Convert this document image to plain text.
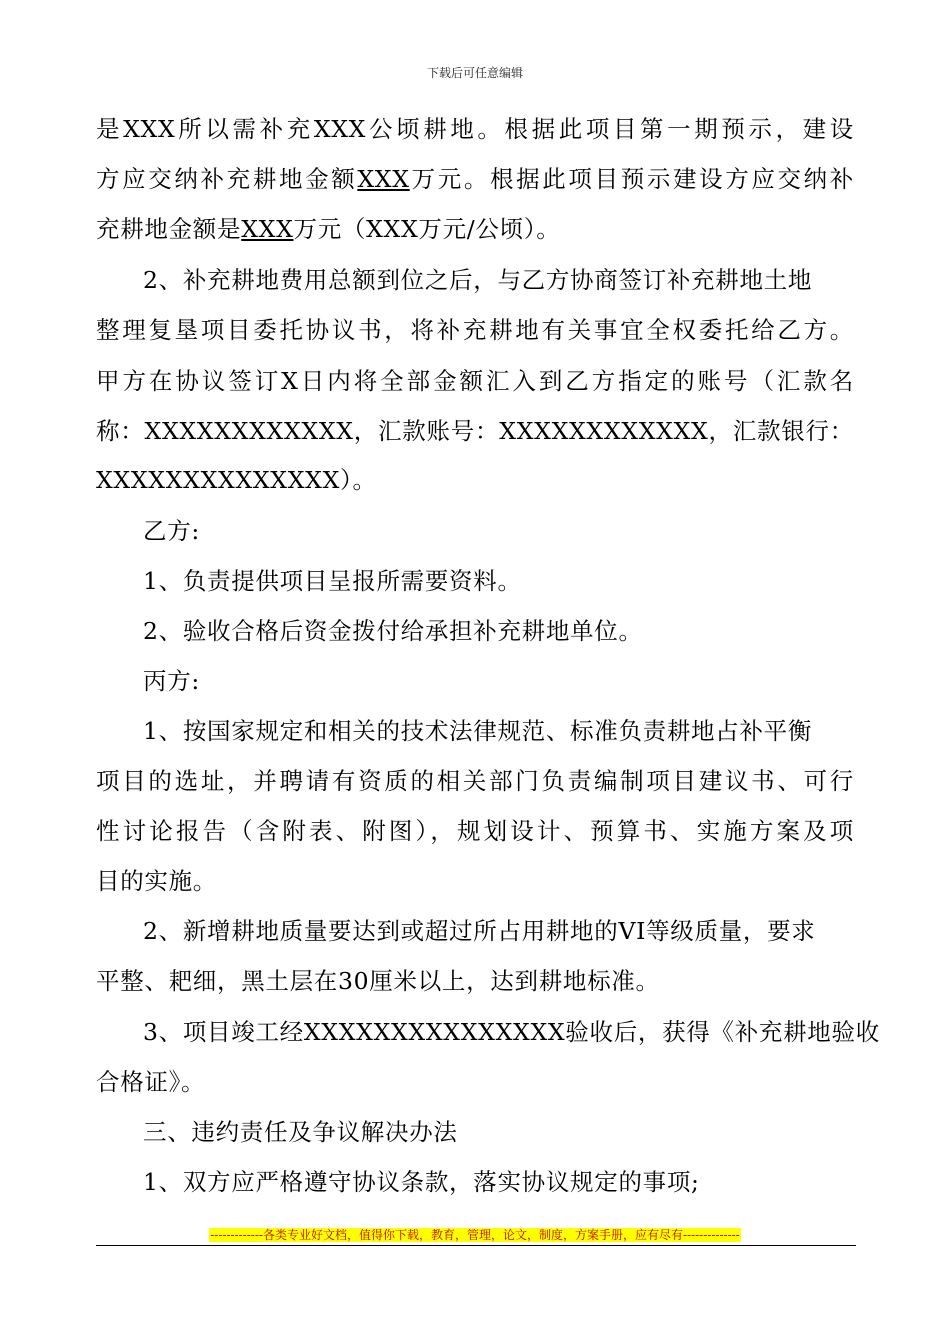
下载后可任意编辑
是XXX所以需补充XXX公顷耕地。根据此项目第一期预示，建设
方应交纳补充耕地金额XXX万元。根据此项目预示建设方应交纳补
充耕地金额是XXX万元（XXX万元/公顷）。
2、补充耕地费用总额到位之后，与乙方协商签订补充耕地土地
整理复垦项目委托协议书，将补充耕地有关事宜全权委托给乙方。
甲方在协议签订X日内将全部金额汇入到乙方指定的账号（汇款名
称：XXXXXXXXXXXX，汇款账号：XXXXXXXXXXXX，汇款银行：
XXXXXXXXXXXXXX）。
乙方:
1、负责提供项目呈报所需要资料。
2、验收合格后资金拨付给承担补充耕地单位。
丙方:
1、按国家规定和相关的技术法律规范、标准负责耕地占补平衡
项目的选址，并聘请有资质的相关部门负责编制项目建议书、可行
性讨论报告（含附表、附图），规划设计、预算书、实施方案及项
目的实施。
2、新增耕地质量要达到或超过所占用耕地的VI等级质量，要求
平整、耙细，黑土层在30厘米以上，达到耕地标准。
3、项目竣工经XXXXXXXXXXXXXXX验收后，获得《补充耕地验收
合格证》。
三、违约责任及争议解决办法
1、双方应严格遵守协议条款，落实协议规定的事项;
-------------各类专业好文档，值得你下载，教育，管理，论文，制度，方案手册，应有尽有--------------
